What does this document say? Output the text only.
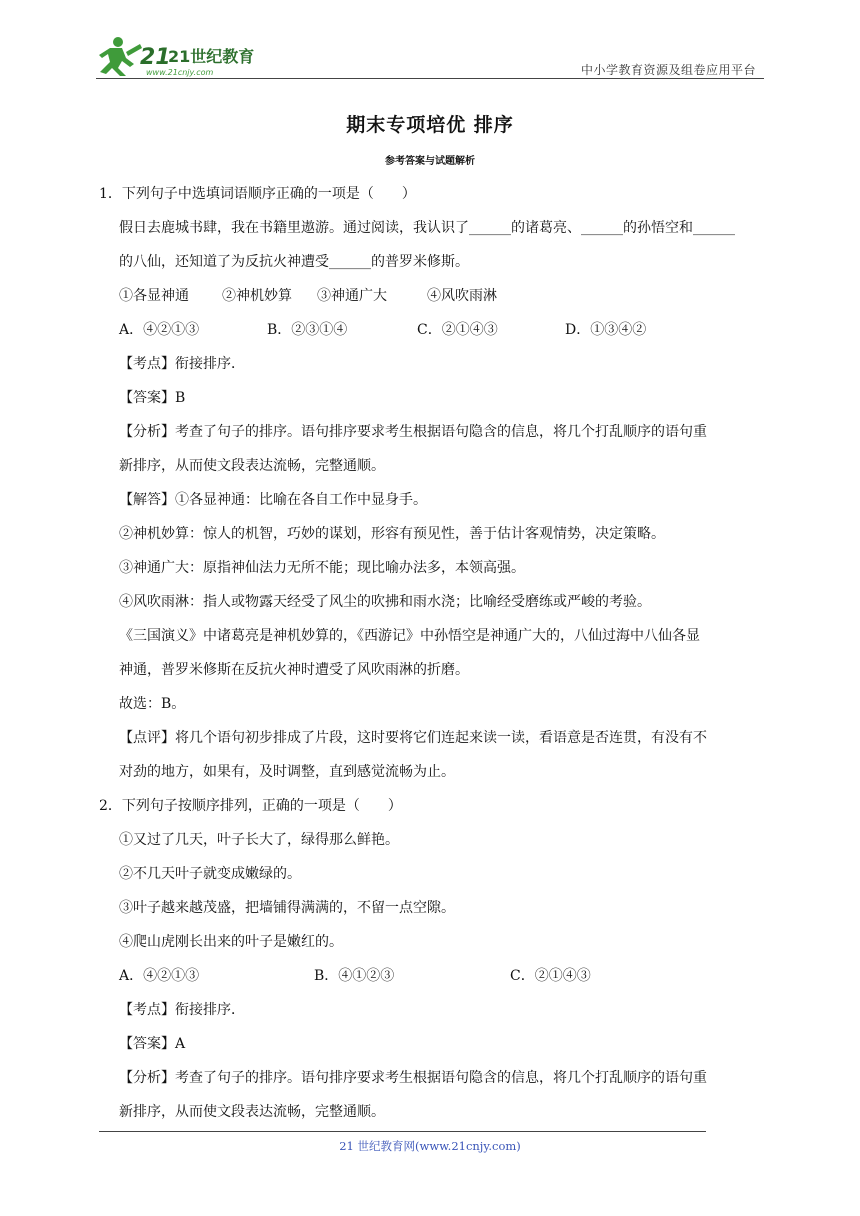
21
21世纪教育
www.21cnjy.com	中小学教育资源及组卷应用平台
期末专项培优 排序
参考答案与试题解析
1．下列句子中选填词语顺序正确的一项是（　　）
假日去鹿城书肆，我在书籍里遨游。通过阅读，我认识了______的诸葛亮、______的孙悟空和______
的八仙，还知道了为反抗火神遭受______的普罗米修斯。
①各显神通 ②神机妙算 ③神通广大	④风吹雨淋
A．④②①③	B．②③①④	C．②①④③	D．①③④②
【考点】衔接排序．
【答案】B
【分析】考查了句子的排序。语句排序要求考生根据语句隐含的信息，将几个打乱顺序的语句重
新排序，从而使文段表达流畅，完整通顺。
【解答】①各显神通：比喻在各自工作中显身手。
②神机妙算：惊人的机智，巧妙的谋划，形容有预见性，善于估计客观情势，决定策略。
③神通广大：原指神仙法力无所不能；现比喻办法多，本领高强。
④风吹雨淋：指人或物露天经受了风尘的吹拂和雨水浇；比喻经受磨练或严峻的考验。
《三国演义》中诸葛亮是神机妙算的，《西游记》中孙悟空是神通广大的，八仙过海中八仙各显
神通，普罗米修斯在反抗火神时遭受了风吹雨淋的折磨。
故选：B。
【点评】将几个语句初步排成了片段，这时要将它们连起来读一读，看语意是否连贯，有没有不
对劲的地方，如果有，及时调整，直到感觉流畅为止。
2．下列句子按顺序排列，正确的一项是（　　）
①又过了几天，叶子长大了，绿得那么鲜艳。
②不几天叶子就变成嫩绿的。
③叶子越来越茂盛，把墙铺得满满的，不留一点空隙。
④爬山虎刚长出来的叶子是嫩红的。
A．④②①③	B．④①②③	C．②①④③
【考点】衔接排序．
【答案】A
【分析】考查了句子的排序。语句排序要求考生根据语句隐含的信息，将几个打乱顺序的语句重
新排序，从而使文段表达流畅，完整通顺。
21 世纪教育网(www.21cnjy.com)
